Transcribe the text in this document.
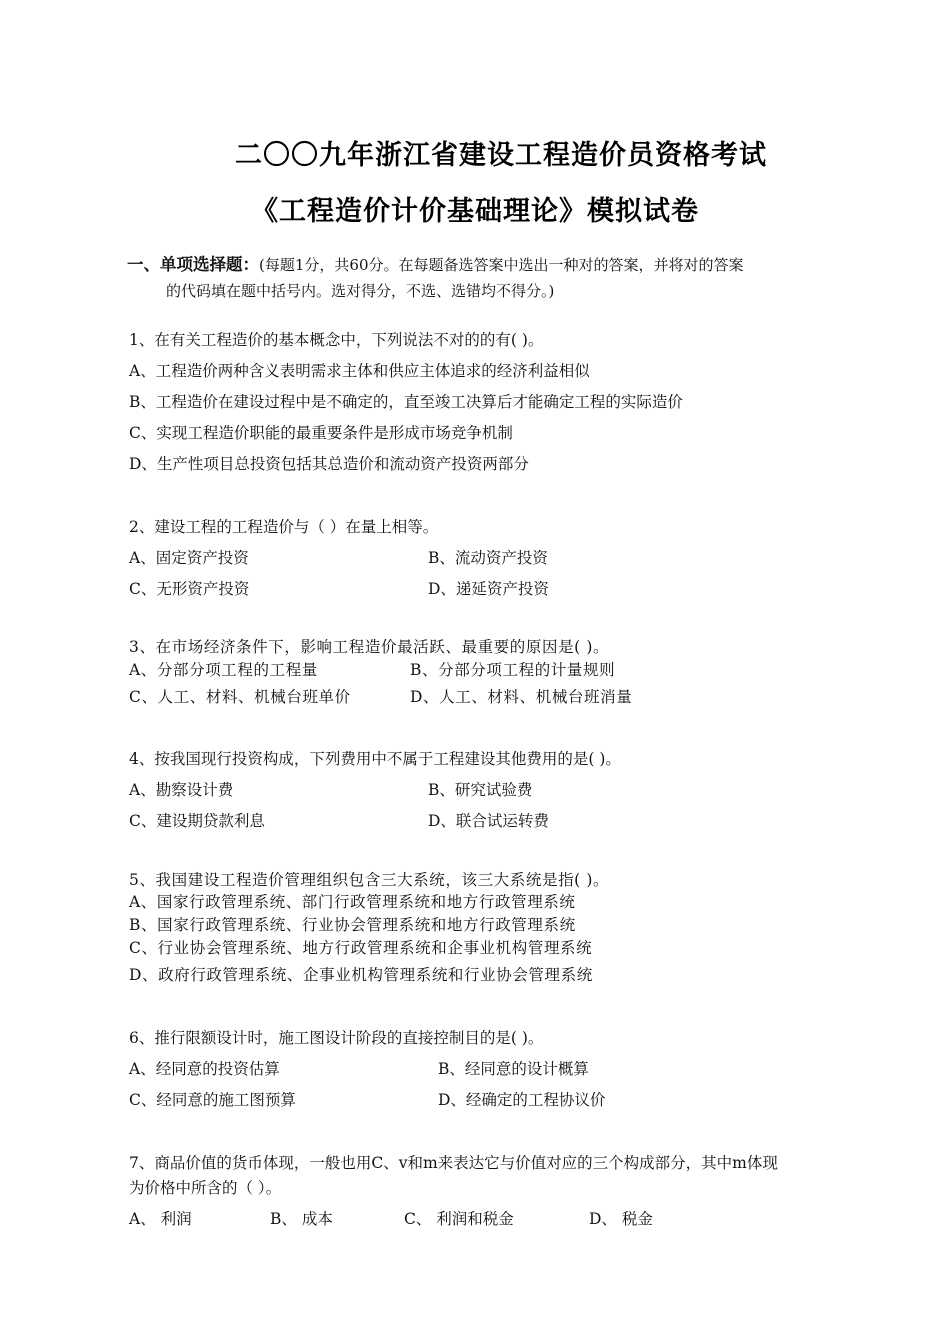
二〇〇九年浙江省建设工程造价员资格考试
《工程造价计价基础理论》模拟试卷
一、单项选择题：(每题1分，共60分。在每题备选答案中选出一种对的答案，并将对的答案
的代码填在题中括号内。选对得分，不选、选错均不得分。)
1、在有关工程造价的基本概念中，下列说法不对的的有( )。
A、工程造价两种含义表明需求主体和供应主体追求的经济利益相似
B、工程造价在建设过程中是不确定的，直至竣工决算后才能确定工程的实际造价
C、实现工程造价职能的最重要条件是形成市场竞争机制
D、生产性项目总投资包括其总造价和流动资产投资两部分
2、建设工程的工程造价与（ ）在量上相等。
A、固定资产投资	B、流动资产投资
C、无形资产投资	D、递延资产投资
3、在市场经济条件下，影响工程造价最活跃、最重要的原因是( )。
A、分部分项工程的工程量	B、分部分项工程的计量规则
C、人工、材料、机械台班单价	D、人工、材料、机械台班消量
4、按我国现行投资构成，下列费用中不属于工程建设其他费用的是( )。
A、勘察设计费	B、研究试验费
C、建设期贷款利息	D、联合试运转费
5、我国建设工程造价管理组织包含三大系统，该三大系统是指( )。
A、国家行政管理系统、部门行政管理系统和地方行政管理系统
B、国家行政管理系统、行业协会管理系统和地方行政管理系统
C、行业协会管理系统、地方行政管理系统和企事业机构管理系统
D、政府行政管理系统、企事业机构管理系统和行业协会管理系统
6、推行限额设计时，施工图设计阶段的直接控制目的是( )。
A、经同意的投资估算	B、经同意的设计概算
C、经同意的施工图预算	D、经确定的工程协议价
7、商品价值的货币体现，一般也用C、v和m来表达它与价值对应的三个构成部分，其中m体现
为价格中所含的（ ）。
A、 利润	B、 成本	C、 利润和税金	D、 税金
